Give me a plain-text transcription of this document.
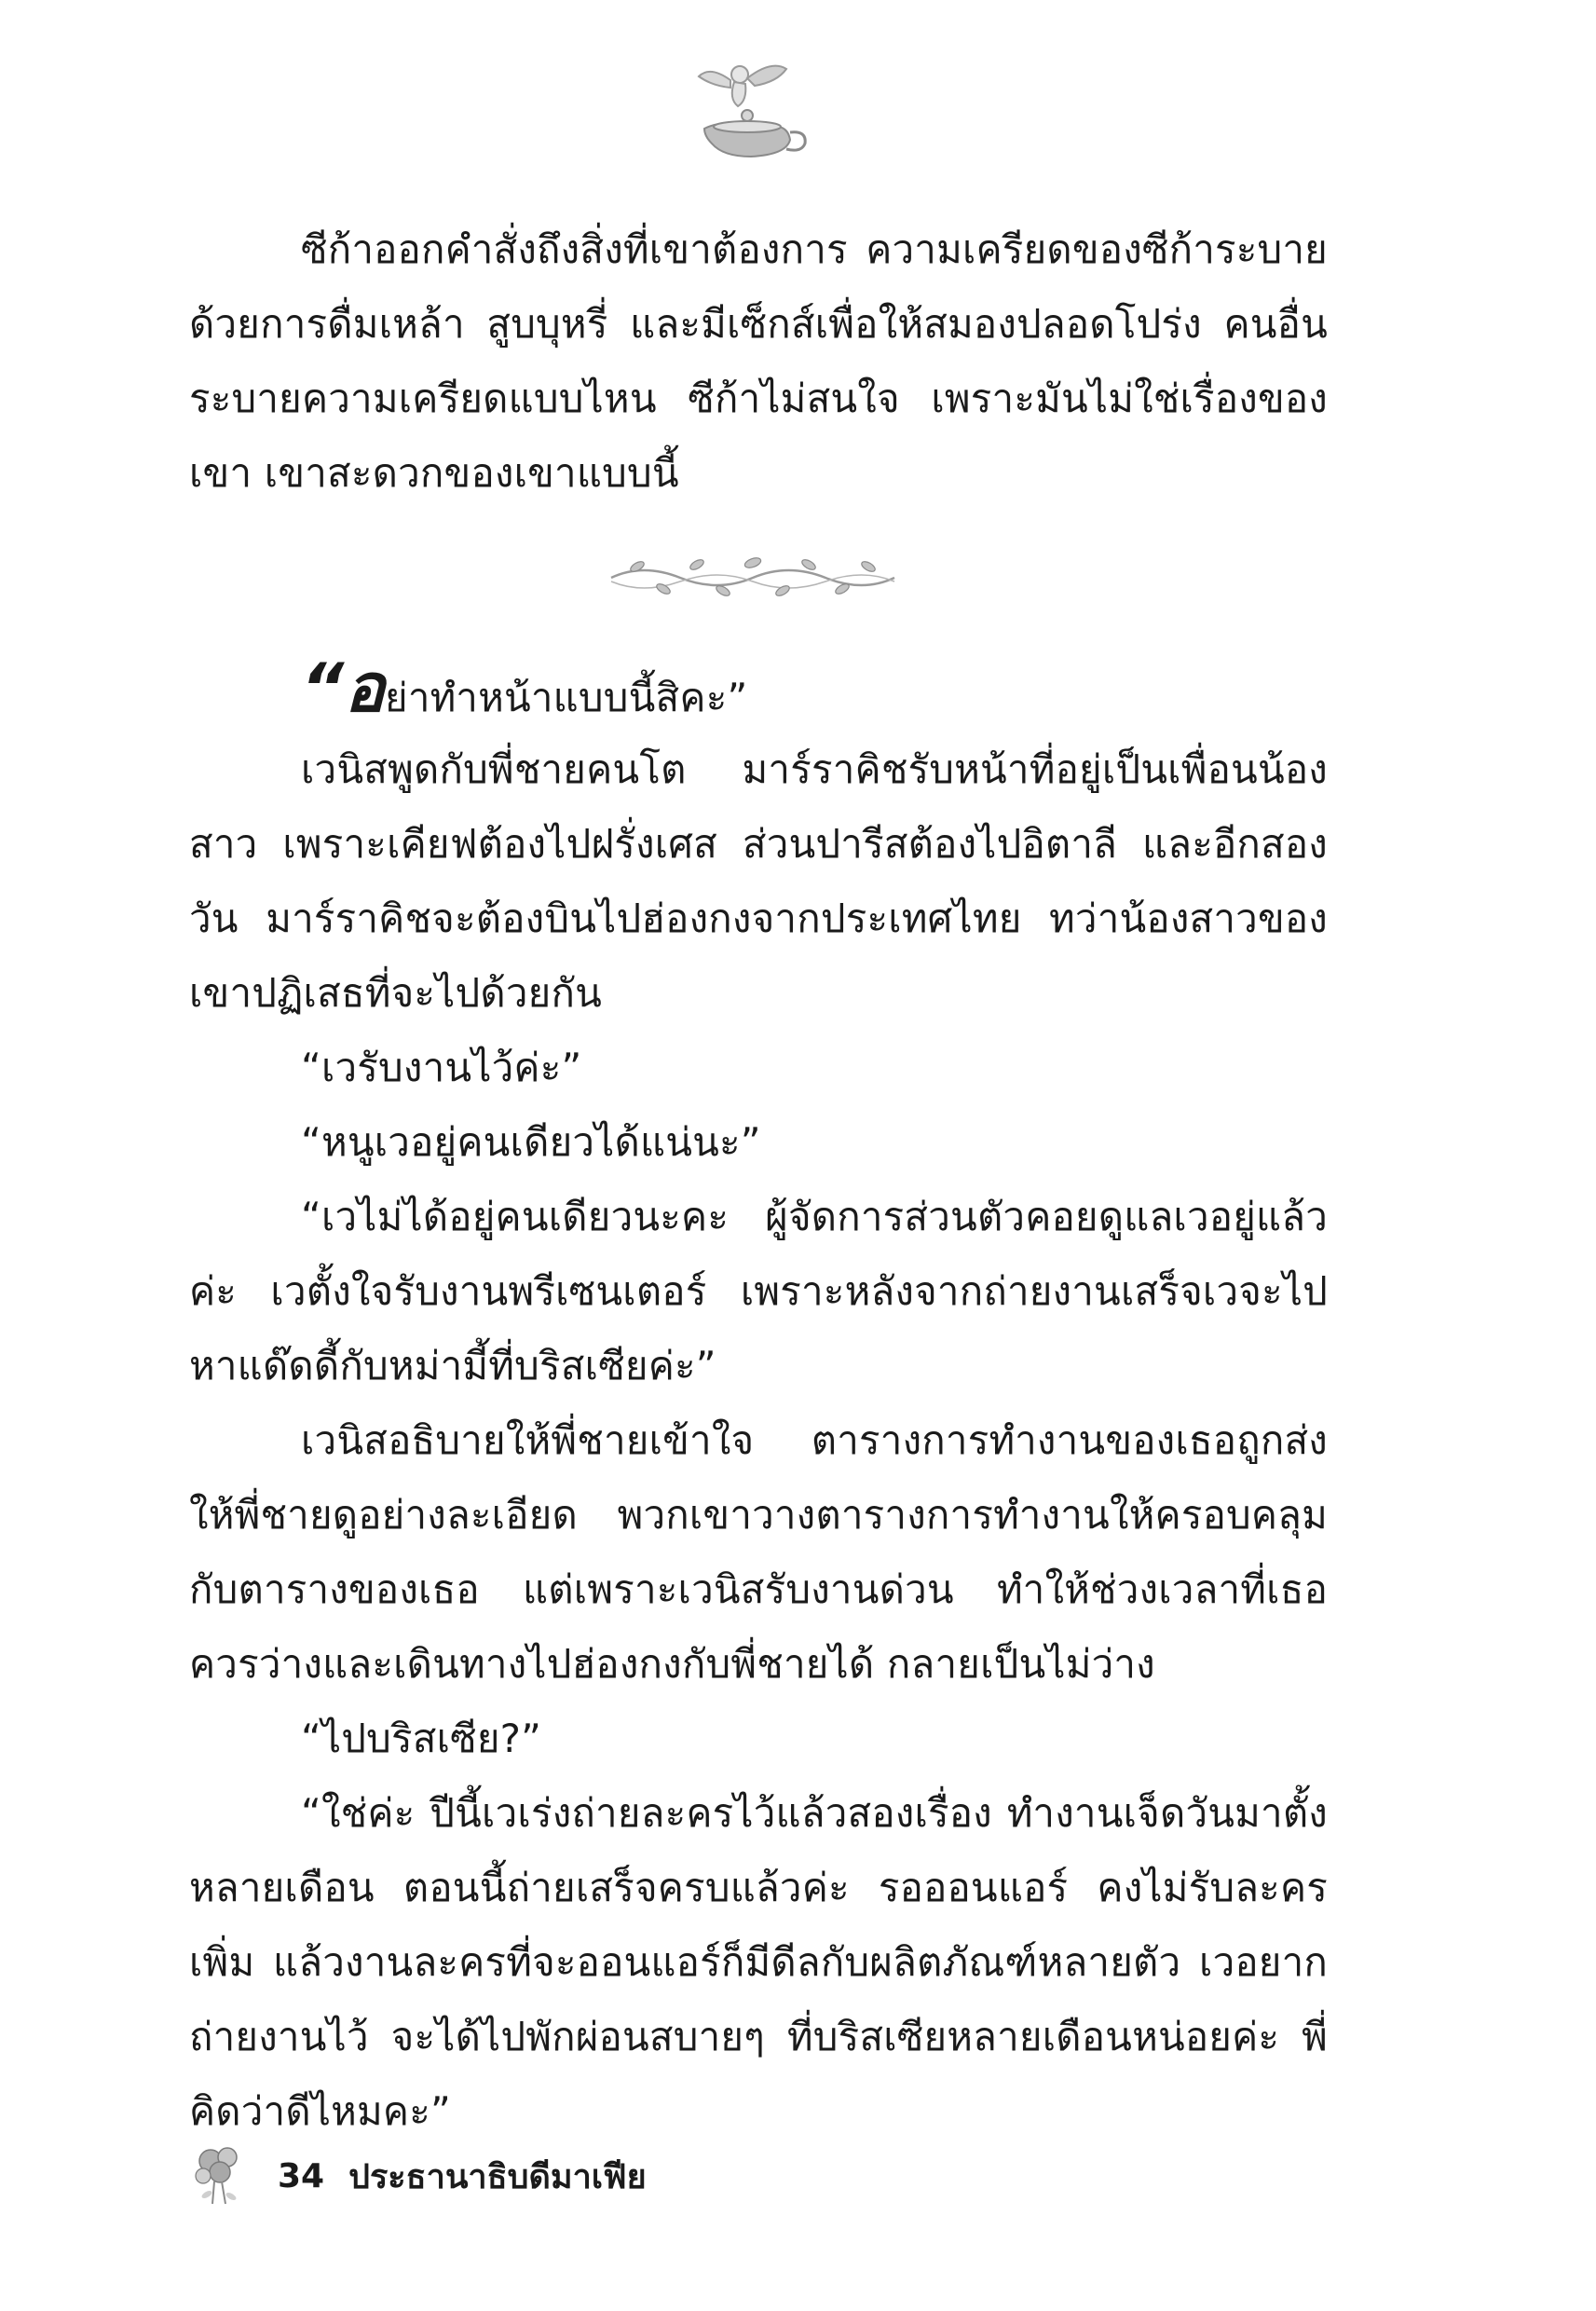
ซีก้าออกคำสั่งถึงสิ่งที่เขาต้องการ ความเครียดของซีก้าระบายด้วยการดื่มเหล้า สูบบุหรี่ และมีเซ็กส์เพื่อให้สมองปลอดโปร่ง คนอื่นระบายความเครียดแบบไหน ซีก้าไม่สนใจ เพราะมันไม่ใช่เรื่องของเขา เขาสะดวกของเขาแบบนี้

“อย่าทำหน้าแบบนี้สิคะ”

เวนิสพูดกับพี่ชายคนโต มาร์ราคิชรับหน้าที่อยู่เป็นเพื่อนน้องสาว เพราะเคียฟต้องไปฝรั่งเศส ส่วนปารีสต้องไปอิตาลี และอีกสองวัน มาร์ราคิชจะต้องบินไปฮ่องกงจากประเทศไทย ทว่าน้องสาวของเขาปฏิเสธที่จะไปด้วยกัน

“เวรับงานไว้ค่ะ”

“หนูเวอยู่คนเดียวได้แน่นะ”

“เวไม่ได้อยู่คนเดียวนะคะ ผู้จัดการส่วนตัวคอยดูแลเวอยู่แล้วค่ะ เวตั้งใจรับงานพรีเซนเตอร์ เพราะหลังจากถ่ายงานเสร็จเวจะไปหาแด๊ดดี้กับหม่ามี้ที่บริสเซียค่ะ”

เวนิสอธิบายให้พี่ชายเข้าใจ ตารางการทำงานของเธอถูกส่งให้พี่ชายดูอย่างละเอียด พวกเขาวางตารางการทำงานให้ครอบคลุมกับตารางของเธอ แต่เพราะเวนิสรับงานด่วน ทำให้ช่วงเวลาที่เธอควรว่างและเดินทางไปฮ่องกงกับพี่ชายได้ กลายเป็นไม่ว่าง

“ไปบริสเซีย?”

“ใช่ค่ะ ปีนี้เวเร่งถ่ายละครไว้แล้วสองเรื่อง ทำงานเจ็ดวันมาตั้งหลายเดือน ตอนนี้ถ่ายเสร็จครบแล้วค่ะ รอออนแอร์ คงไม่รับละครเพิ่ม แล้วงานละครที่จะออนแอร์ก็มีดีลกับผลิตภัณฑ์หลายตัว เวอยากถ่ายงานไว้ จะได้ไปพักผ่อนสบายๆ ที่บริสเซียหลายเดือนหน่อยค่ะ พี่คิดว่าดีไหมคะ”

34 ประธานาธิบดีมาเฟีย
